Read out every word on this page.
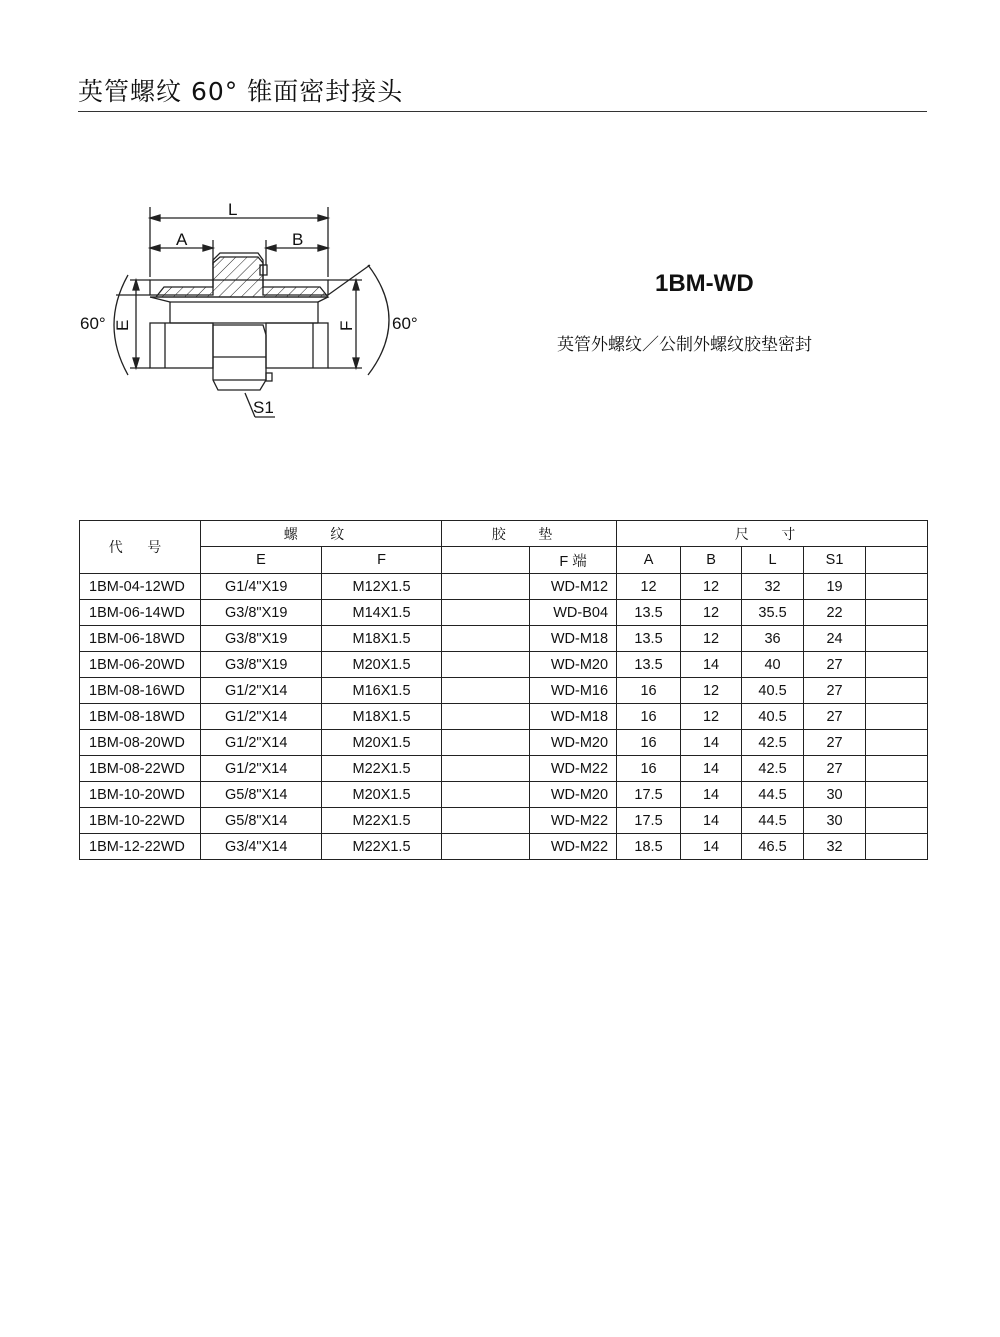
英管螺纹 60° 锥面密封接头
L
A	B
S1
60°	60°
E	F
1BM-WD
英管外螺纹／公制外螺纹胶垫密封
代 号	螺 纹		胶 垫		尺 寸				
	E	F		F 端	A	B	L	S1	
1BM-04-12WD	G1/4"X19	M12X1.5		WD-M12	12	12	32	19	
1BM-06-14WD	G3/8"X19	M14X1.5		WD-B04	13.5	12	35.5	22	
1BM-06-18WD	G3/8"X19	M18X1.5		WD-M18	13.5	12	36	24	
1BM-06-20WD	G3/8"X19	M20X1.5		WD-M20	13.5	14	40	27	
1BM-08-16WD	G1/2"X14	M16X1.5		WD-M16	16	12	40.5	27	
1BM-08-18WD	G1/2"X14	M18X1.5		WD-M18	16	12	40.5	27	
1BM-08-20WD	G1/2"X14	M20X1.5		WD-M20	16	14	42.5	27	
1BM-08-22WD	G1/2"X14	M22X1.5		WD-M22	16	14	42.5	27	
1BM-10-20WD	G5/8"X14	M20X1.5		WD-M20	17.5	14	44.5	30	
1BM-10-22WD	G5/8"X14	M22X1.5		WD-M22	17.5	14	44.5	30	
1BM-12-22WD	G3/4"X14	M22X1.5		WD-M22	18.5	14	46.5	32	
